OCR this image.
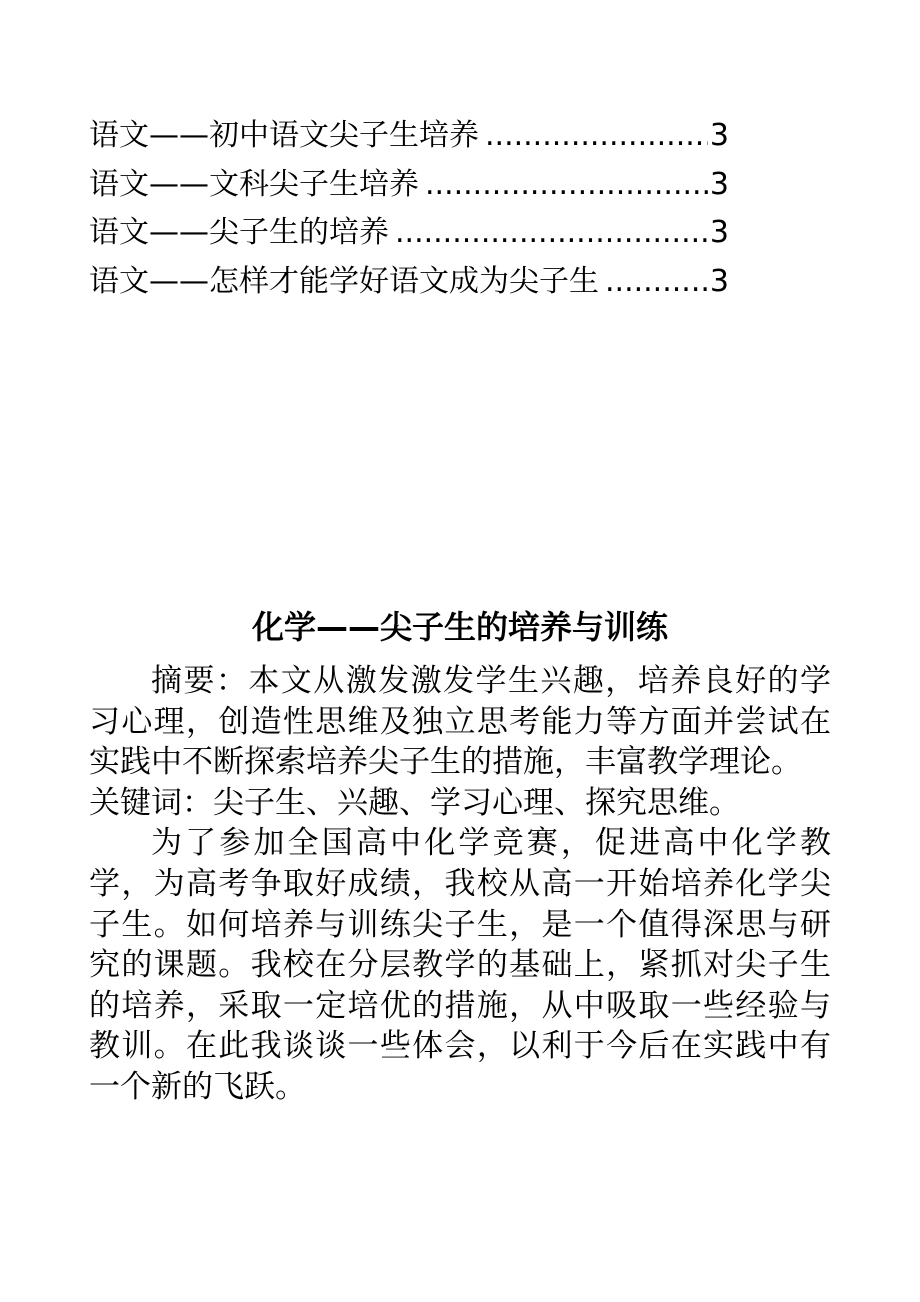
语文——初中语文尖子生培养 .....	3
语文——文科尖子生培养 .....	3
语文——尖子生的培养 .....	3
语文——怎样才能学好语文成为尖子生 .....	3
化学——尖子生的培养与训练

摘要：本文从激发激发学生兴趣，培养良好的学习心理，创造性思维及独立思考能力等方面并尝试在实践中不断探索培养尖子生的措施，丰富教学理论。

关键词：尖子生、兴趣、学习心理、探究思维。

为了参加全国高中化学竞赛，促进高中化学教学，为高考争取好成绩，我校从高一开始培养化学尖子生。如何培养与训练尖子生，是一个值得深思与研究的课题。我校在分层教学的基础上，紧抓对尖子生的培养，采取一定培优的措施，从中吸取一些经验与教训。在此我谈谈一些体会，以利于今后在实践中有一个新的飞跃。
